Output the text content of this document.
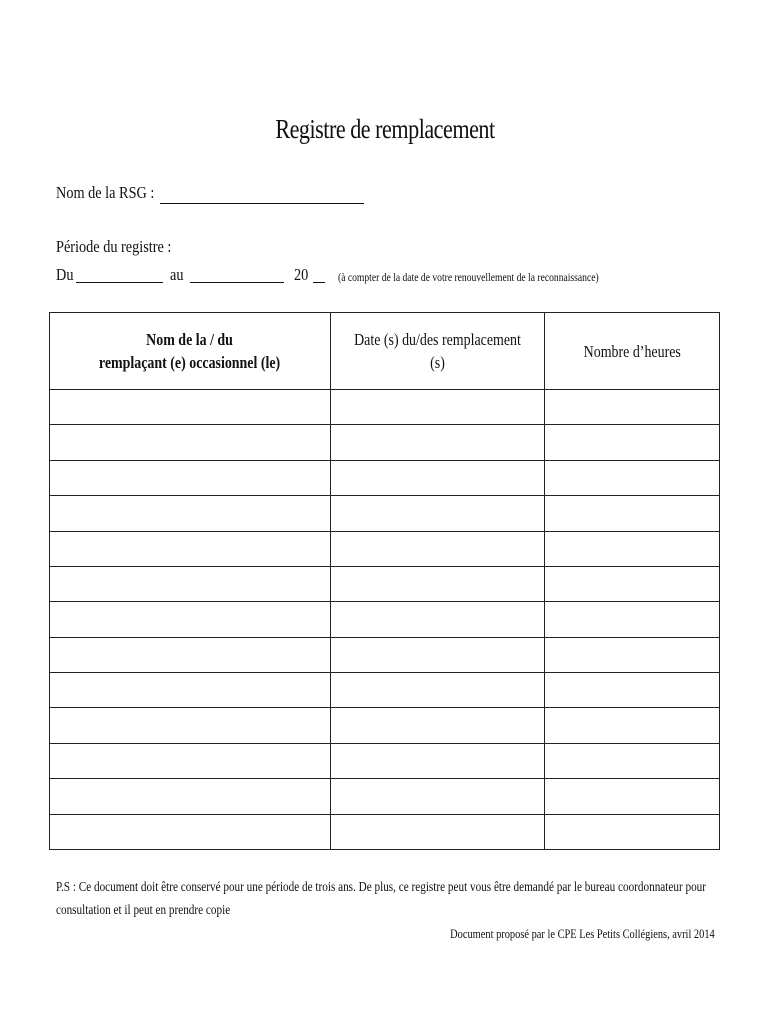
Registre de remplacement
Nom de la RSG :
Période du registre :
Du	au	20 (à compter de la date de votre renouvellement de la reconnaissance)
Nom de la / du
remplaçant (e) occasionnel (le)	Date (s) du/des remplacement (s)	Nombre d’heures

P.S : Ce document doit être conservé pour une période de trois ans. De plus, ce registre peut vous être demandé par le bureau coordonnateur pour
consultation et il peut en prendre copie
Document proposé par le CPE Les Petits Collégiens, avril 2014
